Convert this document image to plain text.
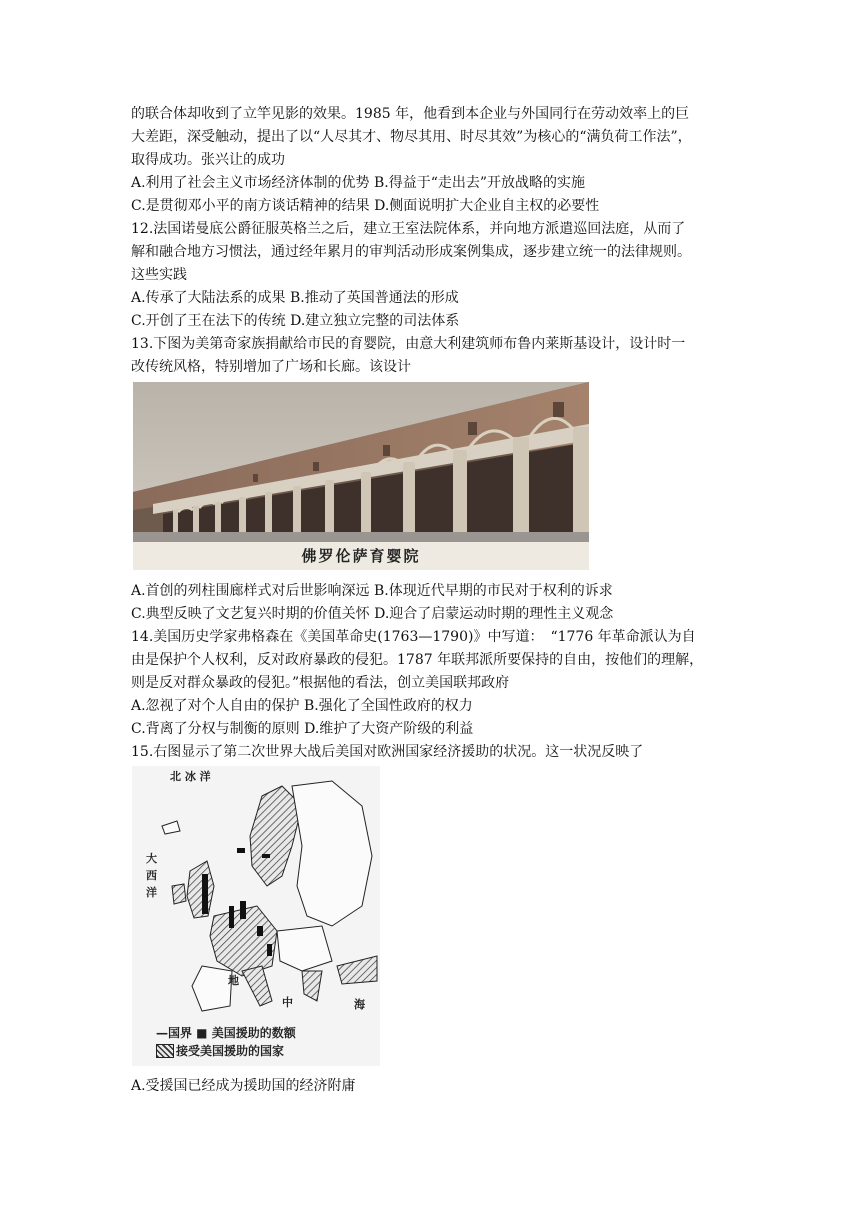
的联合体却收到了立竿见影的效果。1985 年，他看到本企业与外国同行在劳动效率上的巨
大差距，深受触动，提出了以“人尽其才、物尽其用、时尽其效”为核心的“满负荷工作法”，
取得成功。张兴让的成功
A.利用了社会主义市场经济体制的优势 B.得益于“走出去”开放战略的实施
C.是贯彻邓小平的南方谈话精神的结果 D.侧面说明扩大企业自主权的必要性
12.法国诺曼底公爵征服英格兰之后，建立王室法院体系，并向地方派遣巡回法庭，从而了
解和融合地方习惯法，通过经年累月的审判活动形成案例集成，逐步建立统一的法律规则。
这些实践
A.传承了大陆法系的成果 B.推动了英国普通法的形成
C.开创了王在法下的传统 D.建立独立完整的司法体系
13.下图为美第奇家族捐献给市民的育婴院，由意大利建筑师布鲁内莱斯基设计，设计时一
改传统风格，特别增加了广场和长廊。该设计
佛罗伦萨育婴院
A.首创的列柱围廊样式对后世影响深远 B.体现近代早期的市民对于权利的诉求
C.典型反映了文艺复兴时期的价值关怀 D.迎合了启蒙运动时期的理性主义观念
14.美国历史学家弗格森在《美国革命史(1763—1790)》中写道：　“1776 年革命派认为自
由是保护个人权利，反对政府暴政的侵犯。1787 年联邦派所要保持的自由，按他们的理解，
则是反对群众暴政的侵犯。”根据他的看法，创立美国联邦政府
A.忽视了对个人自由的保护 B.强化了全国性政府的权力
C.背离了分权与制衡的原则 D.维护了大资产阶级的利益
15.右图显示了第二次世界大战后美国对欧洲国家经济援助的状况。这一状况反映了
北 冰 洋
大
西
洋
地
中	海
—国界 ■ 美国援助的数额
接受美国援助的国家
A.受援国已经成为援助国的经济附庸
